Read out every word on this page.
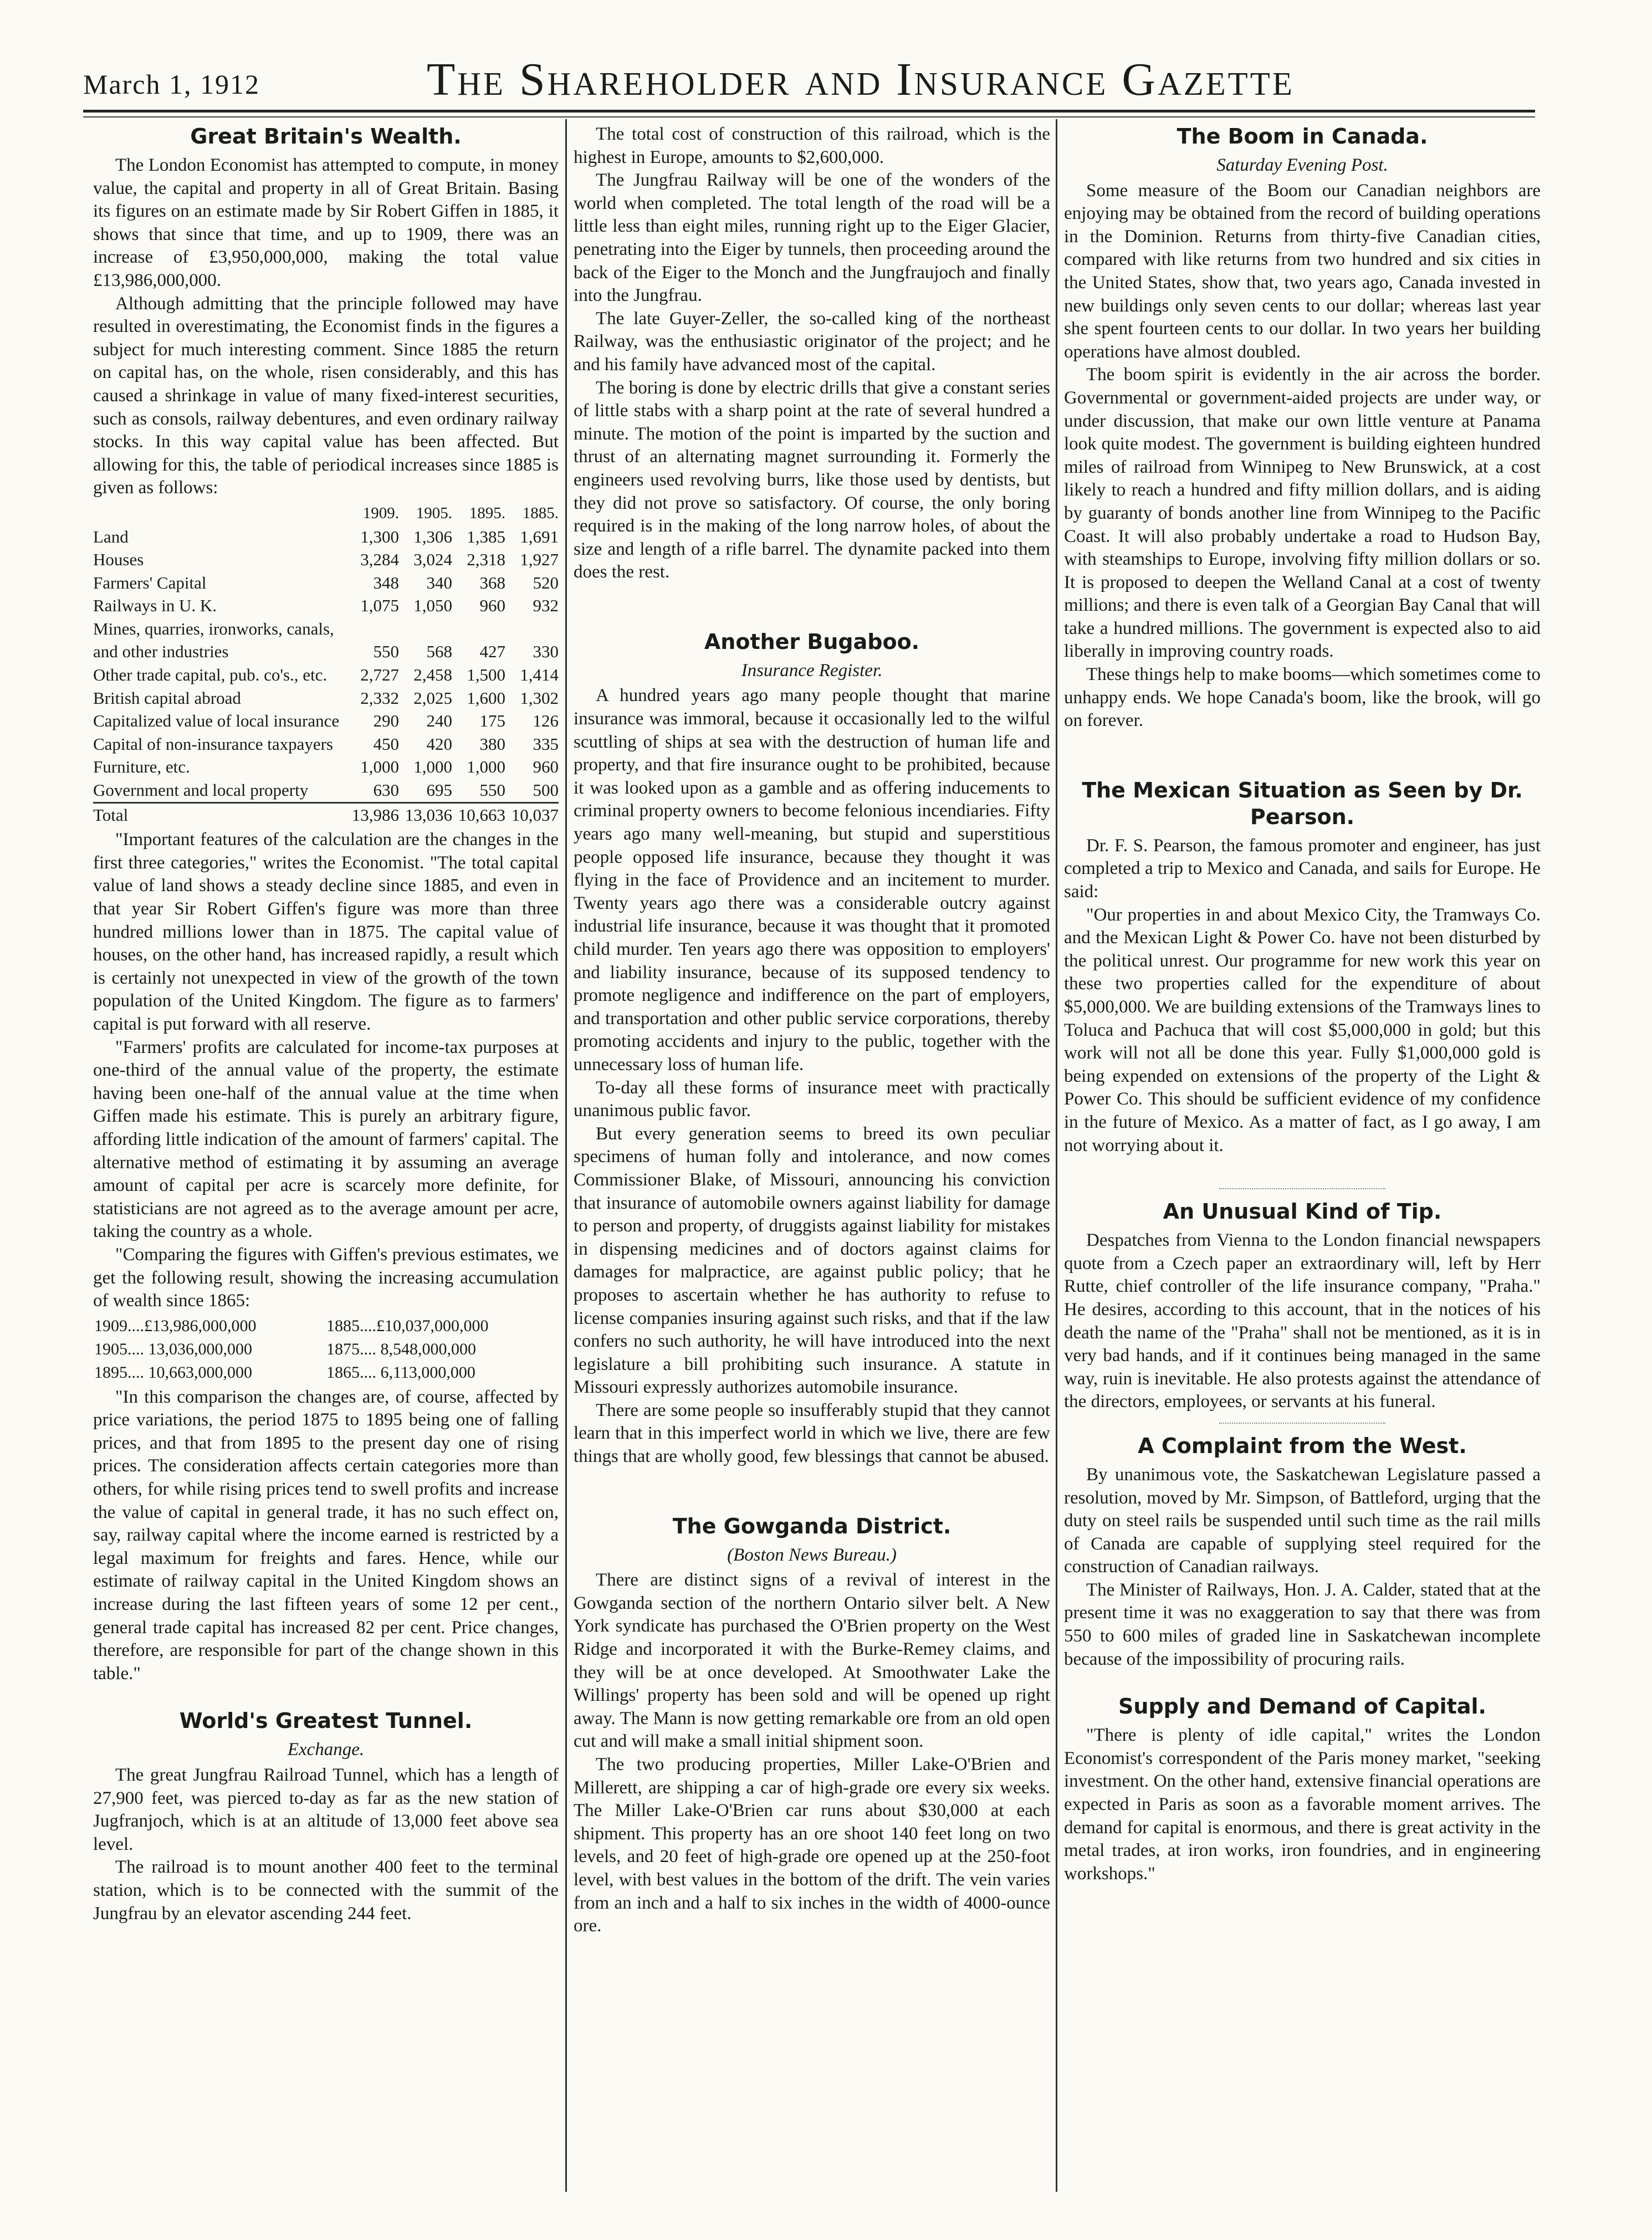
March 1, 1912	The Shareholder and Insurance Gazette
Great Britain's Wealth.

The London Economist has attempted to compute, in money value, the capital and property in all of Great Britain. Basing its figures on an estimate made by Sir Robert Giffen in 1885, it shows that since that time, and up to 1909, there was an increase of £3,950,000,000, making the total value £13,986,000,000.

Although admitting that the principle followed may have resulted in overestimating, the Economist finds in the figures a subject for much interesting comment. Since 1885 the return on capital has, on the whole, risen considerably, and this has caused a shrinkage in value of many fixed-interest securities, such as consols, railway debentures, and even ordinary railway stocks. In this way capital value has been affected. But allowing for this, the table of periodical increases since 1885 is given as follows:

	1909.	1905.	1895.	1885.
Land	1,300	1,306	1,385	1,691
Houses	3,284	3,024	2,318	1,927
Farmers' Capital	348	340	368	520
Railways in U. K.	1,075	1,050	960	932
Mines, quarries, ironworks, canals, and other industries	550	568	427	330
Other trade capital, pub. co's., etc.	2,727	2,458	1,500	1,414
British capital abroad	2,332	2,025	1,600	1,302
Capitalized value of local insurance	290	240	175	126
Capital of non-insurance taxpayers	450	420	380	335
Furniture, etc.	1,000	1,000	1,000	960
Government and local property	630	695	550	500
Total	13,986	13,036	10,663	10,037

"Important features of the calculation are the changes in the first three categories," writes the Economist. "The total capital value of land shows a steady decline since 1885, and even in that year Sir Robert Giffen's figure was more than three hundred millions lower than in 1875. The capital value of houses, on the other hand, has increased rapidly, a result which is certainly not unexpected in view of the growth of the town population of the United Kingdom. The figure as to farmers' capital is put forward with all reserve.

"Farmers' profits are calculated for income-tax purposes at one-third of the annual value of the property, the estimate having been one-half of the annual value at the time when Giffen made his estimate. This is purely an arbitrary figure, affording little indication of the amount of farmers' capital. The alternative method of estimating it by assuming an average amount of capital per acre is scarcely more definite, for statisticians are not agreed as to the average amount per acre, taking the country as a whole.

"Comparing the figures with Giffen's previous estimates, we get the following result, showing the increasing accumulation of wealth since 1865:

1909....£13,986,000,000	1885....£10,037,000,000
1905.... 13,036,000,000	1875.... 8,548,000,000
1895.... 10,663,000,000	1865.... 6,113,000,000

"In this comparison the changes are, of course, affected by price variations, the period 1875 to 1895 being one of falling prices, and that from 1895 to the present day one of rising prices. The consideration affects certain categories more than others, for while rising prices tend to swell profits and increase the value of capital in general trade, it has no such effect on, say, railway capital where the income earned is restricted by a legal maximum for freights and fares. Hence, while our estimate of railway capital in the United Kingdom shows an increase during the last fifteen years of some 12 per cent., general trade capital has increased 82 per cent. Price changes, therefore, are responsible for part of the change shown in this table."

World's Greatest Tunnel.
Exchange.

The great Jungfrau Railroad Tunnel, which has a length of 27,900 feet, was pierced to-day as far as the new station of Jugfranjoch, which is at an altitude of 13,000 feet above sea level.

The railroad is to mount another 400 feet to the terminal station, which is to be connected with the summit of the Jungfrau by an elevator ascending 244 feet.

The total cost of construction of this railroad, which is the highest in Europe, amounts to $2,600,000.

The Jungfrau Railway will be one of the wonders of the world when completed. The total length of the road will be a little less than eight miles, running right up to the Eiger Glacier, penetrating into the Eiger by tunnels, then proceeding around the back of the Eiger to the Monch and the Jungfraujoch and finally into the Jungfrau.

The late Guyer-Zeller, the so-called king of the northeast Railway, was the enthusiastic originator of the project; and he and his family have advanced most of the capital.

The boring is done by electric drills that give a constant series of little stabs with a sharp point at the rate of several hundred a minute. The motion of the point is imparted by the suction and thrust of an alternating magnet surrounding it. Formerly the engineers used revolving burrs, like those used by dentists, but they did not prove so satisfactory. Of course, the only boring required is in the making of the long narrow holes, of about the size and length of a rifle barrel. The dynamite packed into them does the rest.

Another Bugaboo.
Insurance Register.

A hundred years ago many people thought that marine insurance was immoral, because it occasionally led to the wilful scuttling of ships at sea with the destruction of human life and property, and that fire insurance ought to be prohibited, because it was looked upon as a gamble and as offering inducements to criminal property owners to become felonious incendiaries. Fifty years ago many well-meaning, but stupid and superstitious people opposed life insurance, because they thought it was flying in the face of Providence and an incitement to murder. Twenty years ago there was a considerable outcry against industrial life insurance, because it was thought that it promoted child murder. Ten years ago there was opposition to employers' and liability insurance, because of its supposed tendency to promote negligence and indifference on the part of employers, and transportation and other public service corporations, thereby promoting accidents and injury to the public, together with the unnecessary loss of human life.

To-day all these forms of insurance meet with practically unanimous public favor.

But every generation seems to breed its own peculiar specimens of human folly and intolerance, and now comes Commissioner Blake, of Missouri, announcing his conviction that insurance of automobile owners against liability for damage to person and property, of druggists against liability for mistakes in dispensing medicines and of doctors against claims for damages for malpractice, are against public policy; that he proposes to ascertain whether he has authority to refuse to license companies insuring against such risks, and that if the law confers no such authority, he will have introduced into the next legislature a bill prohibiting such insurance. A statute in Missouri expressly authorizes automobile insurance.

There are some people so insufferably stupid that they cannot learn that in this imperfect world in which we live, there are few things that are wholly good, few blessings that cannot be abused.

The Gowganda District.
(Boston News Bureau.)

There are distinct signs of a revival of interest in the Gowganda section of the northern Ontario silver belt. A New York syndicate has purchased the O'Brien property on the West Ridge and incorporated it with the Burke-Remey claims, and they will be at once developed. At Smoothwater Lake the Willings' property has been sold and will be opened up right away. The Mann is now getting remarkable ore from an old open cut and will make a small initial shipment soon.

The two producing properties, Miller Lake-O'Brien and Millerett, are shipping a car of high-grade ore every six weeks. The Miller Lake-O'Brien car runs about $30,000 at each shipment. This property has an ore shoot 140 feet long on two levels, and 20 feet of high-grade ore opened up at the 250-foot level, with best values in the bottom of the drift. The vein varies from an inch and a half to six inches in the width of 4000-ounce ore.

The Boom in Canada.
Saturday Evening Post.

Some measure of the Boom our Canadian neighbors are enjoying may be obtained from the record of building operations in the Dominion. Returns from thirty-five Canadian cities, compared with like returns from two hundred and six cities in the United States, show that, two years ago, Canada invested in new buildings only seven cents to our dollar; whereas last year she spent fourteen cents to our dollar. In two years her building operations have almost doubled.

The boom spirit is evidently in the air across the border. Governmental or government-aided projects are under way, or under discussion, that make our own little venture at Panama look quite modest. The government is building eighteen hundred miles of railroad from Winnipeg to New Brunswick, at a cost likely to reach a hundred and fifty million dollars, and is aiding by guaranty of bonds another line from Winnipeg to the Pacific Coast. It will also probably undertake a road to Hudson Bay, with steamships to Europe, involving fifty million dollars or so. It is proposed to deepen the Welland Canal at a cost of twenty millions; and there is even talk of a Georgian Bay Canal that will take a hundred millions. The government is expected also to aid liberally in improving country roads.

These things help to make booms—which sometimes come to unhappy ends. We hope Canada's boom, like the brook, will go on forever.

The Mexican Situation as Seen by Dr. Pearson.

Dr. F. S. Pearson, the famous promoter and engineer, has just completed a trip to Mexico and Canada, and sails for Europe. He said:

"Our properties in and about Mexico City, the Tramways Co. and the Mexican Light & Power Co. have not been disturbed by the political unrest. Our programme for new work this year on these two properties called for the expenditure of about $5,000,000. We are building extensions of the Tramways lines to Toluca and Pachuca that will cost $5,000,000 in gold; but this work will not all be done this year. Fully $1,000,000 gold is being expended on extensions of the property of the Light & Power Co. This should be sufficient evidence of my confidence in the future of Mexico. As a matter of fact, as I go away, I am not worrying about it.

An Unusual Kind of Tip.

Despatches from Vienna to the London financial newspapers quote from a Czech paper an extraordinary will, left by Herr Rutte, chief controller of the life insurance company, "Praha." He desires, according to this account, that in the notices of his death the name of the "Praha" shall not be mentioned, as it is in very bad hands, and if it continues being managed in the same way, ruin is inevitable. He also protests against the attendance of the directors, employees, or servants at his funeral.

A Complaint from the West.

By unanimous vote, the Saskatchewan Legislature passed a resolution, moved by Mr. Simpson, of Battleford, urging that the duty on steel rails be suspended until such time as the rail mills of Canada are capable of supplying steel required for the construction of Canadian railways.

The Minister of Railways, Hon. J. A. Calder, stated that at the present time it was no exaggeration to say that there was from 550 to 600 miles of graded line in Saskatchewan incomplete because of the impossibility of procuring rails.

Supply and Demand of Capital.

"There is plenty of idle capital," writes the London Economist's correspondent of the Paris money market, "seeking investment. On the other hand, extensive financial operations are expected in Paris as soon as a favorable moment arrives. The demand for capital is enormous, and there is great activity in the metal trades, at iron works, iron foundries, and in engineering workshops."
